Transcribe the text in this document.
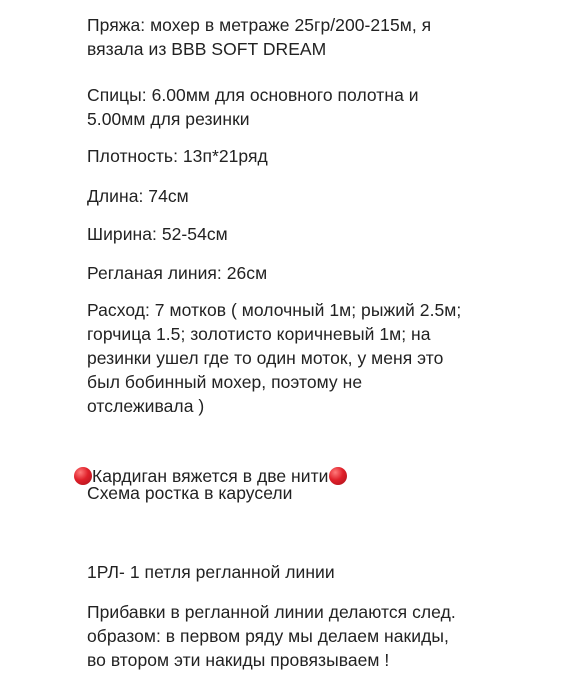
Пряжа: мохер в метраже 25гр/200-215м, я
вязала из BBB SOFT DREAM

Спицы: 6.00мм для основного полотна и
5.00мм для резинки

Плотность: 13п*21ряд

Длина: 74см

Ширина: 52-54см

Регланая линия: 26см

Расход: 7 мотков ( молочный 1м; рыжий 2.5м;
горчица 1.5; золотисто коричневый 1м; на
резинки ушел где то один моток, у меня это
был бобинный мохер, поэтому не
отслеживала )

Кардиган вяжется в две нити

Схема ростка в карусели

1РЛ- 1 петля регланной линии

Прибавки в регланной линии делаются след.
образом: в первом ряду мы делаем накиды,
во втором эти накиды провязываем !
